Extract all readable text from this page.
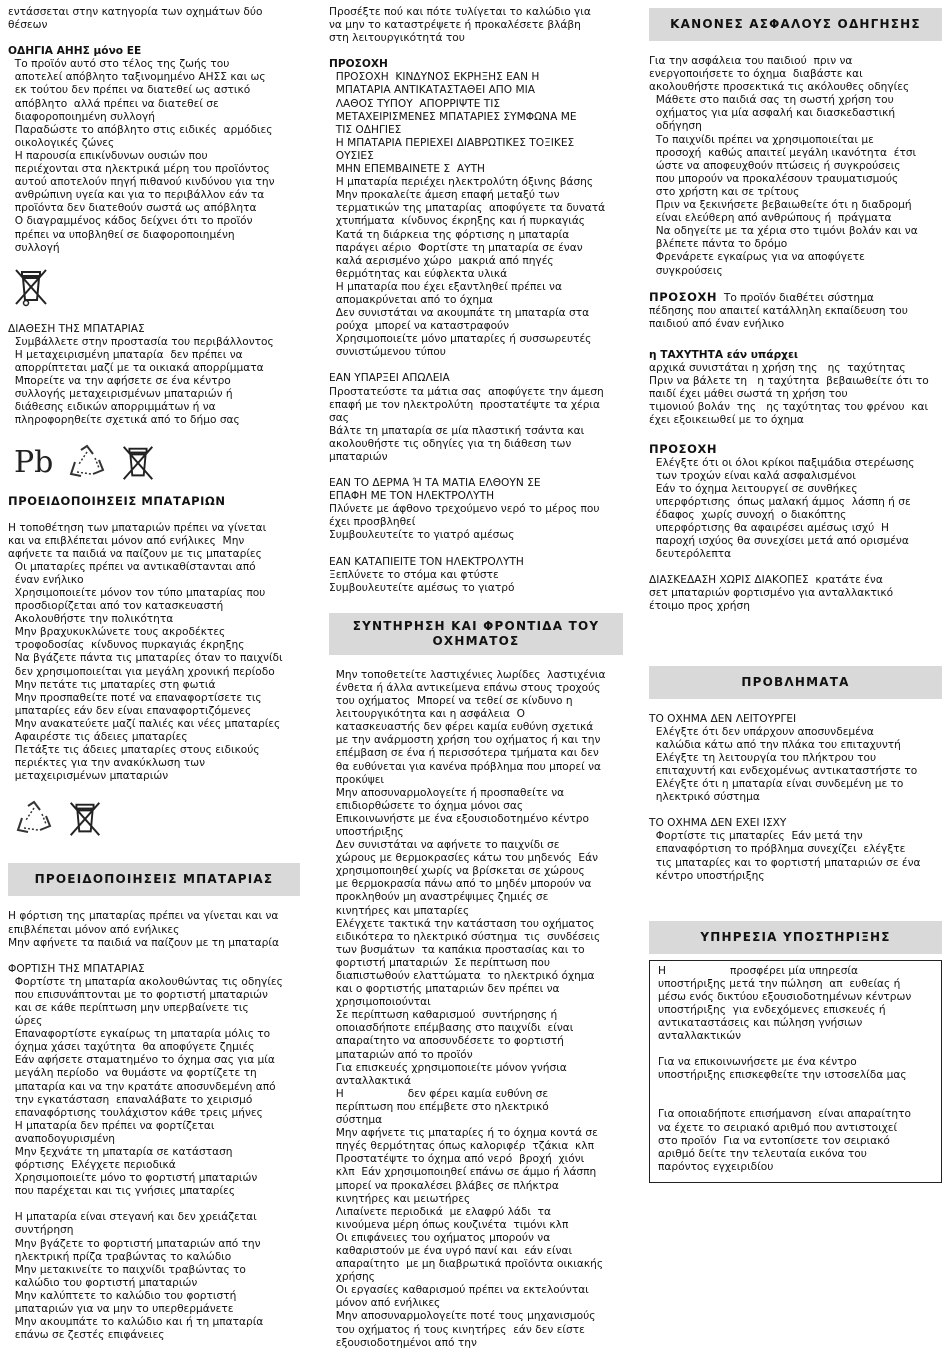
εντάσσεται στην κατηγορία των οχημάτων δύο
θέσεων

ΟΔΗΓΙΑ ΑΗΗΣ μόνο ΕΕ

Το προϊόν αυτό στο τέλος της ζωής του
αποτελεί απόβλητο ταξινομημένο ΑΗΣΣ και ως
εκ τούτου δεν πρέπει να διατεθεί ως αστικό
απόβλητο  αλλά πρέπει να διατεθεί σε
διαφοροποιημένη συλλογή
Παραδώστε το απόβλητο στις ειδικές  αρμόδιες
οικολογικές ζώνες
Η παρουσία επικίνδυνων ουσιών που
περιέχονται στα ηλεκτρικά μέρη του προϊόντος
αυτού αποτελούν πηγή πιθανού κινδύνου για την
ανθρώπινη υγεία και για το περιβάλλον εάν τα
προϊόντα δεν διατεθούν σωστά ως απόβλητα
Ο διαγραμμένος κάδος δείχνει ότι το προϊόν
πρέπει να υποβληθεί σε διαφοροποιημένη
συλλογή

ΔΙΑΘΕΣΗ ΤΗΣ ΜΠΑΤΑΡΙΑΣ

Συμβάλλετε στην προστασία του περιβάλλοντος
Η μεταχειρισμένη μπαταρία  δεν πρέπει να
απορρίπτεται μαζί με τα οικιακά απορρίμματα
Μπορείτε να την αφήσετε σε ένα κέντρο
συλλογής μεταχειρισμένων μπαταριών ή
διάθεσης ειδικών απορριμμάτων ή να
πληροφορηθείτε σχετικά από το δήμο σας

Pb

ΠΡΟΕΙΔΟΠΟΙΗΣΕΙΣ ΜΠΑΤΑΡΙΩΝ

Η τοποθέτηση των μπαταριών πρέπει να γίνεται
και να επιβλέπεται μόνον από ενήλικες  Μην
αφήνετε τα παιδιά να παίζουν με τις μπαταρίες
Οι μπαταρίες πρέπει να αντικαθίστανται από
έναν ενήλικο
Χρησιμοποιείτε μόνον τον τύπο μπαταρίας που
προσδιορίζεται από τον κατασκευαστή
Ακολουθήστε την πολικότητα
Μην βραχυκυκλώνετε τους ακροδέκτες
τροφοδοσίας  κίνδυνος πυρκαγιάς έκρηξης
Να βγάζετε πάντα τις μπαταρίες όταν το παιχνίδι
δεν χρησιμοποιείται για μεγάλη χρονική περίοδο
Μην πετάτε τις μπαταρίες στη φωτιά
Μην προσπαθείτε ποτέ να επαναφορτίσετε τις
μπαταρίες εάν δεν είναι επαναφορτιζόμενες
Μην ανακατεύετε μαζί παλιές και νέες μπαταρίες
Αφαιρέστε τις άδειες μπαταρίες
Πετάξτε τις άδειες μπαταρίες στους ειδικούς
περιέκτες για την ανακύκλωση των
μεταχειρισμένων μπαταριών

ΠΡΟΕΙΔΟΠΟΙΗΣΕΙΣ ΜΠΑΤΑΡΙΑΣ

Η φόρτιση της μπαταρίας πρέπει να γίνεται και να
επιβλέπεται μόνον από ενήλικες
Μην αφήνετε τα παιδιά να παίζουν με τη μπαταρία

ΦΟΡΤΙΣΗ ΤΗΣ ΜΠΑΤΑΡΙΑΣ

Φορτίστε τη μπαταρία ακολουθώντας τις οδηγίες
που επισυνάπτονται με το φορτιστή μπαταριών
και σε κάθε περίπτωση μην υπερβαίνετε τις
ώρες
Επαναφορτίστε εγκαίρως τη μπαταρία μόλις το
όχημα χάσει ταχύτητα  θα αποφύγετε ζημιές
Εάν αφήσετε σταματημένο το όχημα σας για μία
μεγάλη περίοδο  να θυμάστε να φορτίζετε τη
μπαταρία και να την κρατάτε αποσυνδεμένη από
την εγκατάσταση  επαναλάβατε το χειρισμό
επαναφόρτισης τουλάχιστον κάθε τρεις μήνες
Η μπαταρία δεν πρέπει να φορτίζεται
αναποδογυρισμένη
Μην ξεχνάτε τη μπαταρία σε κατάσταση
φόρτισης  Ελέγχετε περιοδικά
Χρησιμοποιείτε μόνο το φορτιστή μπαταριών
που παρέχεται και τις γνήσιες μπαταρίες

Η μπαταρία είναι στεγανή και δεν χρειάζεται
συντήρηση
Μην βγάζετε το φορτιστή μπαταριών από την
ηλεκτρική πρίζα τραβώντας το καλώδιο
Μην μετακινείτε το παιχνίδι τραβώντας το
καλώδιο του φορτιστή μπαταριών
Μην καλύπτετε το καλώδιο του φορτιστή
μπαταριών για να μην το υπερθερμάνετε
Μην ακουμπάτε το καλώδιο και ή τη μπαταρία
επάνω σε ζεστές επιφάνειες

Προσέξτε πού και πότε τυλίγεται το καλώδιο για
να μην το καταστρέψετε ή προκαλέσετε βλάβη
στη λειτουργικότητά του

ΠΡΟΣΟΧΗ

ΠΡΟΣΟΧΗ  ΚΙΝΔΥΝΟΣ ΕΚΡΗΞΗΣ ΕΑΝ Η
ΜΠΑΤΑΡΙΑ ΑΝΤΙΚΑΤΑΣΤΑΘΕΙ ΑΠΟ ΜΙΑ
ΛΑΘΟΣ ΤΥΠΟΥ  ΑΠΟΡΡΙΨΤΕ ΤΙΣ
ΜΕΤΑΧΕΙΡΙΣΜΕΝΕΣ ΜΠΑΤΑΡΙΕΣ ΣΥΜΦΩΝΑ ΜΕ
ΤΙΣ ΟΔΗΓΙΕΣ
Η ΜΠΑΤΑΡΙΑ ΠΕΡΙΕΧΕΙ ΔΙΑΒΡΩΤΙΚΕΣ ΤΟΞΙΚΕΣ
ΟΥΣΙΕΣ
ΜΗΝ ΕΠΕΜΒΑΙΝΕΤΕ Σ  ΑΥΤΗ
Η μπαταρία περιέχει ηλεκτρολύτη όξινης βάσης
Μην προκαλείτε άμεση επαφή μεταξύ των
τερματικών της μπαταρίας  αποφύγετε τα δυνατά
χτυπήματα  κίνδυνος έκρηξης και ή πυρκαγιάς
Κατά τη διάρκεια της φόρτισης η μπαταρία
παράγει αέριο  Φορτίστε τη μπαταρία σε έναν
καλά αερισμένο χώρο  μακριά από πηγές
θερμότητας και εύφλεκτα υλικά
Η μπαταρία που έχει εξαντληθεί πρέπει να
απομακρύνεται από το όχημα
Δεν συνιστάται να ακουμπάτε τη μπαταρία στα
ρούχα  μπορεί να καταστραφούν
Χρησιμοποιείτε μόνο μπαταρίες ή συσσωρευτές
συνιστώμενου τύπου

ΕΑΝ ΥΠΑΡΞΕΙ ΑΠΩΛΕΙΑ

Προστατεύστε τα μάτια σας  αποφύγετε την άμεση
επαφή με τον ηλεκτρολύτη  προστατέψτε τα χέρια
σας
Βάλτε τη μπαταρία σε μία πλαστική τσάντα και
ακολουθήστε τις οδηγίες για τη διάθεση των
μπαταριών

ΕΑΝ ΤΟ ΔΕΡΜΑ Ή ΤΑ ΜΑΤΙΑ ΕΛΘΟΥΝ ΣΕ
ΕΠΑΦΗ ΜΕ ΤΟΝ ΗΛΕΚΤΡΟΛΥΤΗ

Πλύνετε με άφθονο τρεχούμενο νερό το μέρος που
έχει προσβληθεί
Συμβουλευτείτε το γιατρό αμέσως

ΕΑΝ ΚΑΤΑΠΙΕΙΤΕ ΤΟΝ ΗΛΕΚΤΡΟΛΥΤΗ

Ξεπλύνετε το στόμα και φτύστε
Συμβουλευτείτε αμέσως το γιατρό

ΣΥΝΤΗΡΗΣΗ ΚΑΙ ΦΡΟΝΤΙΔΑ ΤΟΥ
ΟΧΗΜΑΤΟΣ

Μην τοποθετείτε λαστιχένιες λωρίδες  λαστιχένια
ένθετα ή άλλα αντικείμενα επάνω στους τροχούς
του οχήματος  Μπορεί να τεθεί σε κίνδυνο η
λειτουργικότητα και η ασφάλεια  Ο
κατασκευαστής δεν φέρει καμία ευθύνη σχετικά
με την ανάρμοστη χρήση του οχήματος ή και την
επέμβαση σε ένα ή περισσότερα τμήματα και δεν
θα ευθύνεται για κανένα πρόβλημα που μπορεί να
προκύψει
Μην αποσυναρμολογείτε ή προσπαθείτε να
επιδιορθώσετε το όχημα μόνοι σας
Επικοινωνήστε με ένα εξουσιοδοτημένο κέντρο
υποστήριξης
Δεν συνιστάται να αφήνετε το παιχνίδι σε
χώρους με θερμοκρασίες κάτω του μηδενός  Εάν
χρησιμοποιηθεί χωρίς να βρίσκεται σε χώρους
με θερμοκρασία πάνω από το μηδέν μπορούν να
προκληθούν μη αναστρέψιμες ζημιές σε
κινητήρες και μπαταρίες
Ελέγχετε τακτικά την κατάσταση του οχήματος
ειδικότερα το ηλεκτρικό σύστημα  τις  συνδέσεις
των βυσμάτων  τα καπάκια προστασίας και το
φορτιστή μπαταριών  Σε περίπτωση που
διαπιστωθούν ελαττώματα  το ηλεκτρικό όχημα
και ο φορτιστής μπαταριών δεν πρέπει να
χρησιμοποιούνται
Σε περίπτωση καθαρισμού  συντήρησης ή
οποιασδήποτε επέμβασης στο παιχνίδι  είναι
απαραίτητο να αποσυνδέσετε το φορτιστή
μπαταριών από το προϊόν
Για επισκευές χρησιμοποιείτε μόνον γνήσια
ανταλλακτικά
Η                   δεν φέρει καμία ευθύνη σε
περίπτωση που επέμβετε στο ηλεκτρικό
σύστημα
Μην αφήνετε τις μπαταρίες ή το όχημα κοντά σε
πηγές θερμότητας όπως καλοριφέρ  τζάκια  κλπ
Προστατέψτε το όχημα από νερό  βροχή  χιόνι
κλπ  Εάν χρησιμοποιηθεί επάνω σε άμμο ή λάσπη
μπορεί να προκαλέσει βλάβες σε πλήκτρα
κινητήρες και μειωτήρες
Λιπαίνετε περιοδικά  με ελαφρύ λάδι  τα
κινούμενα μέρη όπως κουζινέτα  τιμόνι κλπ
Οι επιφάνειες του οχήματος μπορούν να
καθαριστούν με ένα υγρό πανί και  εάν είναι
απαραίτητο  με μη διαβρωτικά προϊόντα οικιακής
χρήσης
Οι εργασίες καθαρισμού πρέπει να εκτελούνται
μόνον από ενήλικες
Μην αποσυναρμολογείτε ποτέ τους μηχανισμούς
του οχήματος ή τους κινητήρες  εάν δεν είστε
εξουσιοδοτημένοι από την

ΚΑΝΟΝΕΣ ΑΣΦΑΛΟΥΣ ΟΔΗΓΗΣΗΣ

Για την ασφάλεια του παιδιού  πριν να
ενεργοποιήσετε το όχημα  διαβάστε και
ακολουθήστε προσεκτικά τις ακόλουθες οδηγίες
Μάθετε στο παιδιά σας τη σωστή χρήση του
οχήματος για μία ασφαλή και διασκεδαστική
οδήγηση
Το παιχνίδι πρέπει να χρησιμοποιείται με
προσοχή  καθώς απαιτεί μεγάλη ικανότητα  έτσι
ώστε να αποφευχθούν πτώσεις ή συγκρούσεις
που μπορούν να προκαλέσουν τραυματισμούς
στο χρήστη και σε τρίτους
Πριν να ξεκινήσετε βεβαιωθείτε ότι η διαδρομή
είναι ελεύθερη από ανθρώπους ή  πράγματα
Να οδηγείτε με τα χέρια στο τιμόνι βολάν και να
βλέπετε πάντα το δρόμο
Φρενάρετε εγκαίρως για να αποφύγετε
συγκρούσεις

ΠΡΟΣΟΧΗ  Το προϊόν διαθέτει σύστημα
πέδησης που απαιτεί κατάλληλη εκπαίδευση του
παιδιού από έναν ενήλικο

η ΤΑΧΥΤΗΤΑ εάν υπάρχει

αρχικά συνιστάται η χρήση της   ης  ταχύτητας
Πριν να βάλετε τη   η ταχύτητα  βεβαιωθείτε ότι το
παιδί έχει μάθει σωστά τη χρήση του
τιμονιού βολάν  της   ης ταχύτητας του φρένου  και
έχει εξοικειωθεί με το όχημα

ΠΡΟΣΟΧΗ

Ελέγξτε ότι οι όλοι κρίκοι παξιμάδια στερέωσης
των τροχών είναι καλά ασφαλισμένοι
Εάν το όχημα λειτουργεί σε συνθήκες
υπερφόρτισης  όπως μαλακή άμμος  λάσπη ή σε
έδαφος  χωρίς συνοχή  ο διακόπτης
υπερφόρτισης θα αφαιρέσει αμέσως ισχύ  Η
παροχή ισχύος θα συνεχίσει μετά από ορισμένα
δευτερόλεπτα

ΔΙΑΣΚΕΔΑΣΗ ΧΩΡΙΣ ΔΙΑΚΟΠΕΣ  κρατάτε ένα
σετ μπαταριών φορτισμένο για ανταλλακτικό
έτοιμο προς χρήση

ΠΡΟΒΛΗΜΑΤΑ

ΤΟ ΟΧΗΜΑ ΔΕΝ ΛΕΙΤΟΥΡΓΕΙ

Ελέγξτε ότι δεν υπάρχουν αποσυνδεμένα
καλώδια κάτω από την πλάκα του επιταχυντή
Ελέγξτε τη λειτουργία του πλήκτρου του
επιταχυντή και ενδεχομένως αντικαταστήστε το
Ελέγξτε ότι η μπαταρία είναι συνδεμένη με το
ηλεκτρικό σύστημα

ΤΟ ΟΧΗΜΑ ΔΕΝ ΕΧΕΙ ΙΣΧΥ

Φορτίστε τις μπαταρίες  Εάν μετά την
επαναφόρτιση το πρόβλημα συνεχίζει  ελέγξτε
τις μπαταρίες και το φορτιστή μπαταριών σε ένα
κέντρο υποστήριξης

ΥΠΗΡΕΣΙΑ ΥΠΟΣΤΗΡΙΞΗΣ

Η                   προσφέρει μία υπηρεσία
υποστήριξης μετά την πώληση  απ  ευθείας ή
μέσω ενός δικτύου εξουσιοδοτημένων κέντρων
υποστήριξης  για ενδεχόμενες επισκευές ή
αντικαταστάσεις και πώληση γνήσιων
ανταλλακτικών

Για να επικοινωνήσετε με ένα κέντρο
υποστήριξης επισκεφθείτε την ιστοσελίδα μας

Για οποιαδήποτε επισήμανση  είναι απαραίτητο
να έχετε το σειριακό αριθμό που αντιστοιχεί
στο προϊόν  Για να εντοπίσετε τον σειριακό
αριθμό δείτε την τελευταία εικόνα του
παρόντος εγχειριδίου
